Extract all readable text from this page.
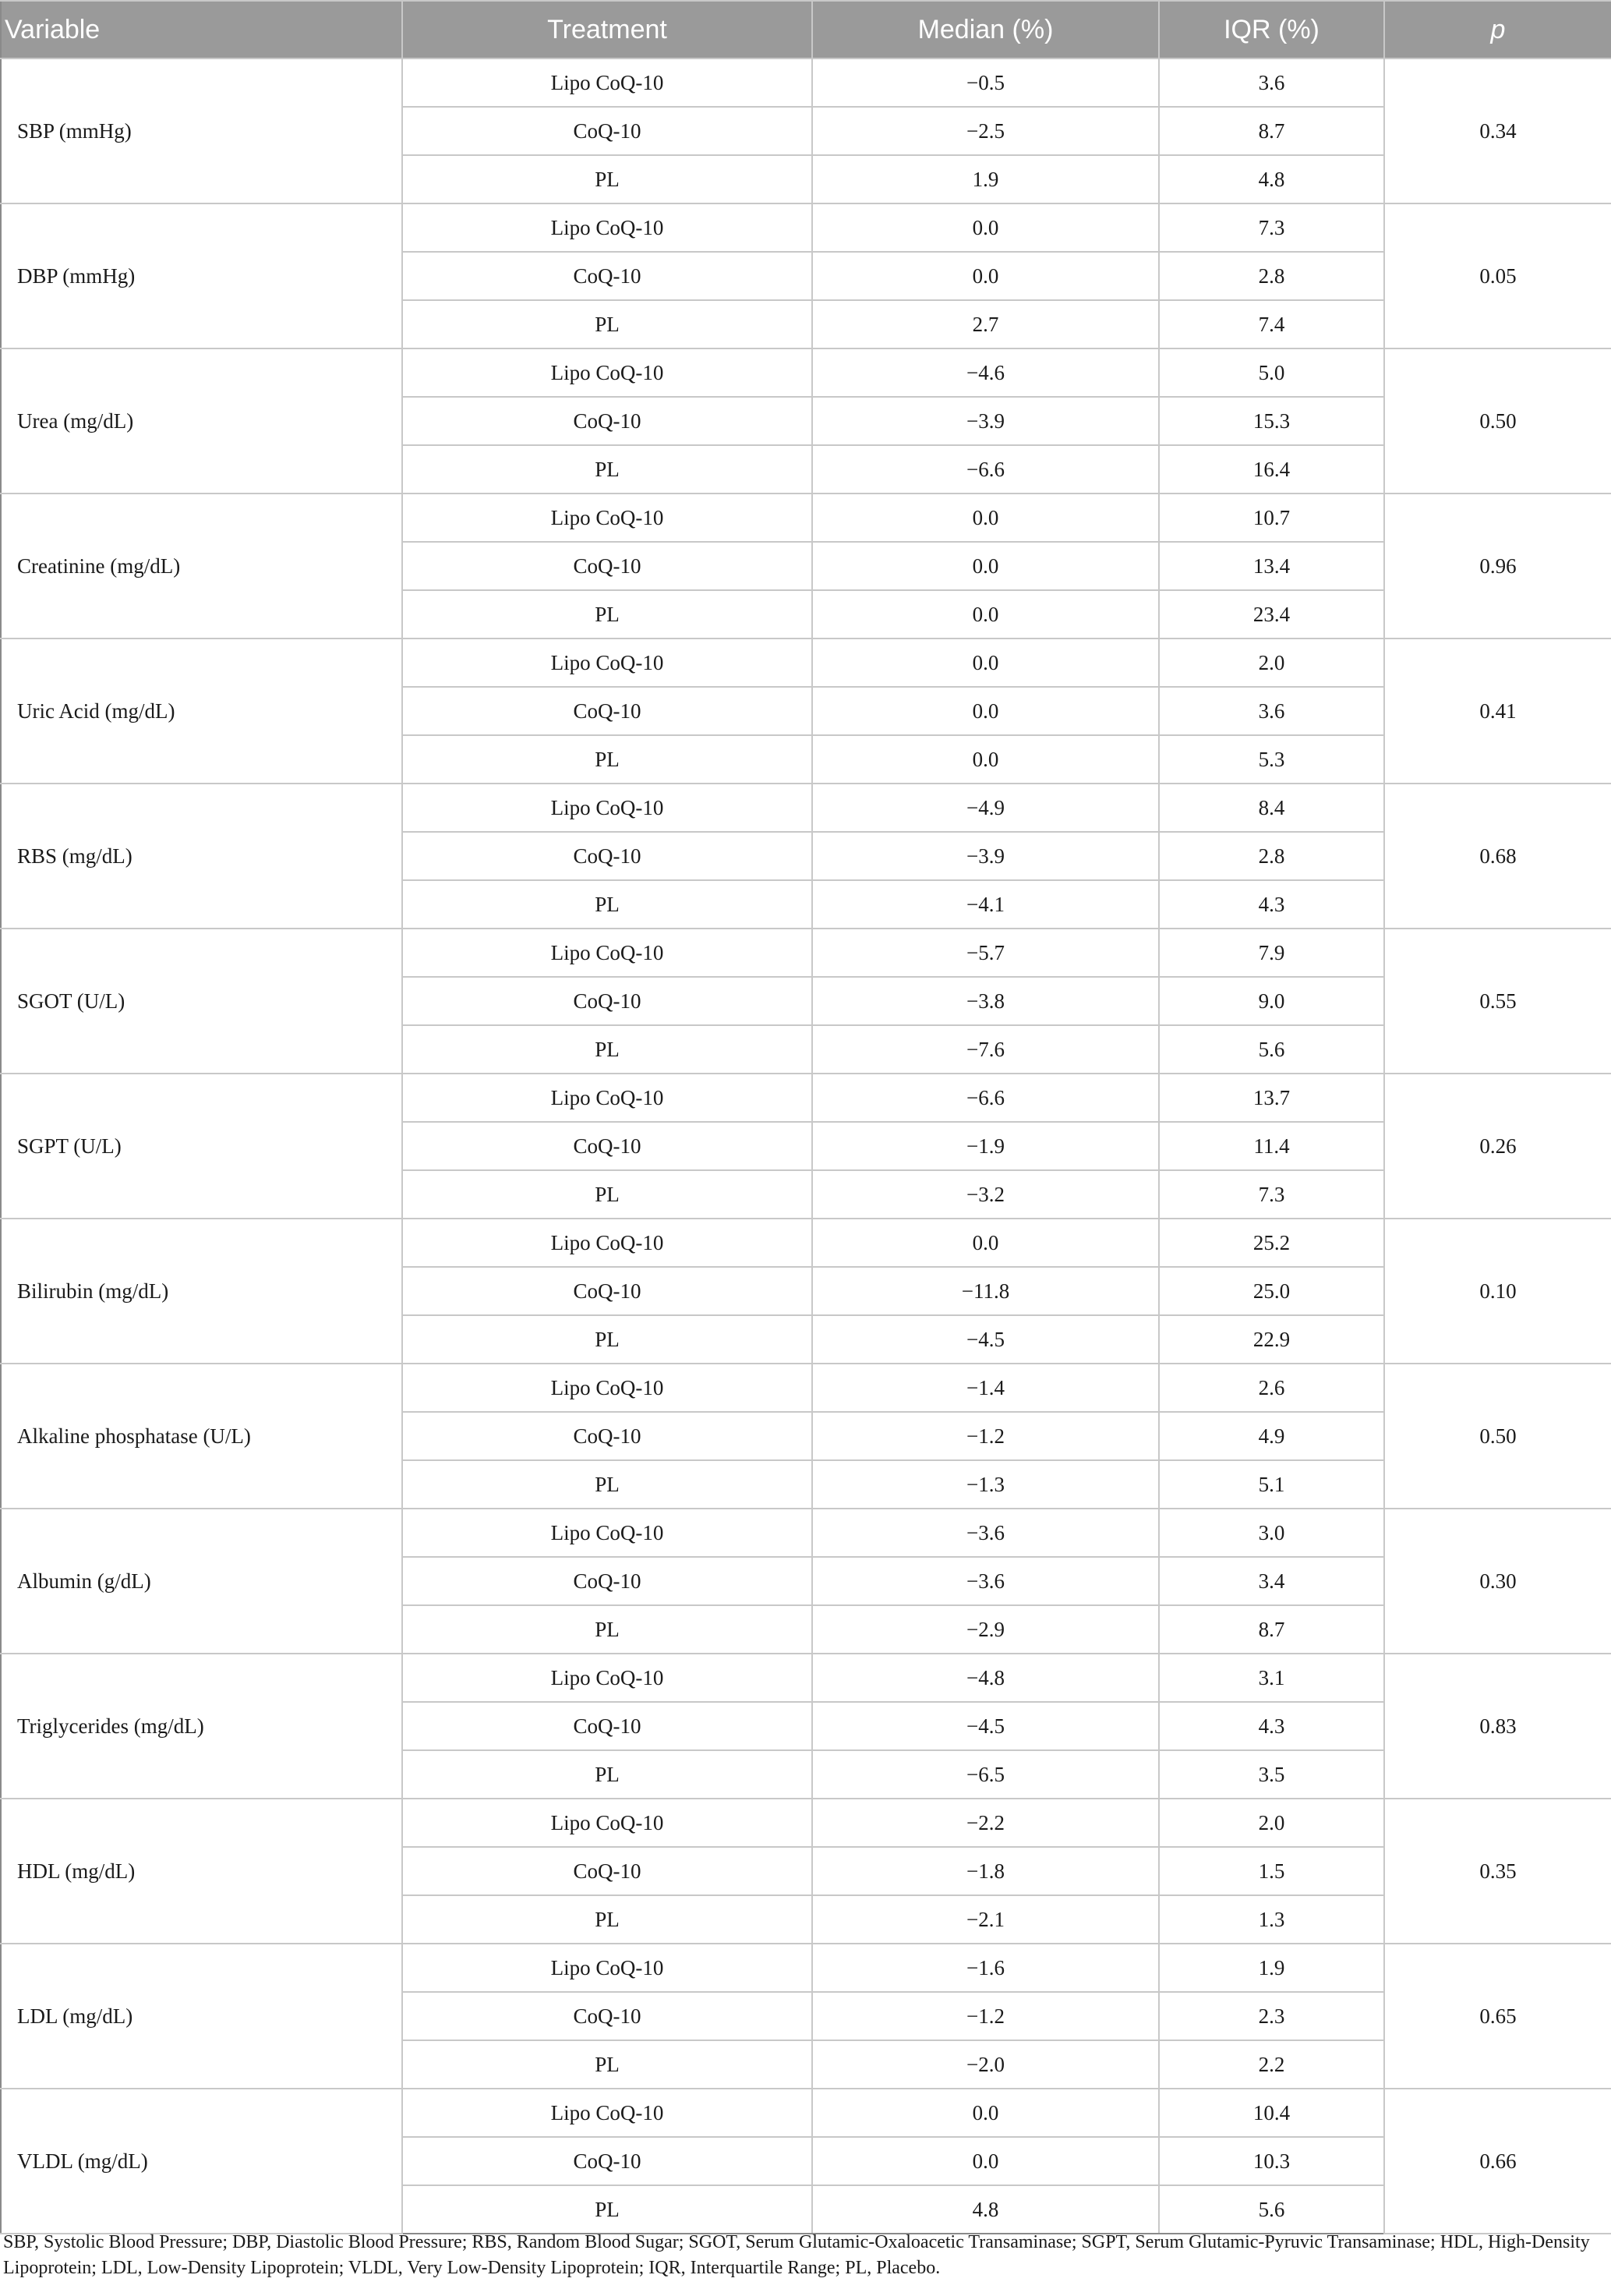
Variable	Treatment	Median (%)	IQR (%)	p
SBP (mmHg)	Lipo CoQ-10	−0.5	3.6	0.34
	CoQ-10	−2.5	8.7	
	PL	1.9	4.8	
DBP (mmHg)	Lipo CoQ-10	0.0	7.3	0.05
	CoQ-10	0.0	2.8	
	PL	2.7	7.4	
Urea (mg/dL)	Lipo CoQ-10	−4.6	5.0	0.50
	CoQ-10	−3.9	15.3	
	PL	−6.6	16.4	
Creatinine (mg/dL)	Lipo CoQ-10	0.0	10.7	0.96
	CoQ-10	0.0	13.4	
	PL	0.0	23.4	
Uric Acid (mg/dL)	Lipo CoQ-10	0.0	2.0	0.41
	CoQ-10	0.0	3.6	
	PL	0.0	5.3	
RBS (mg/dL)	Lipo CoQ-10	−4.9	8.4	0.68
	CoQ-10	−3.9	2.8	
	PL	−4.1	4.3	
SGOT (U/L)	Lipo CoQ-10	−5.7	7.9	0.55
	CoQ-10	−3.8	9.0	
	PL	−7.6	5.6	
SGPT (U/L)	Lipo CoQ-10	−6.6	13.7	0.26
	CoQ-10	−1.9	11.4	
	PL	−3.2	7.3	
Bilirubin (mg/dL)	Lipo CoQ-10	0.0	25.2	0.10
	CoQ-10	−11.8	25.0	
	PL	−4.5	22.9	
Alkaline phosphatase (U/L)	Lipo CoQ-10	−1.4	2.6	0.50
	CoQ-10	−1.2	4.9	
	PL	−1.3	5.1	
Albumin (g/dL)	Lipo CoQ-10	−3.6	3.0	0.30
	CoQ-10	−3.6	3.4	
	PL	−2.9	8.7	
Triglycerides (mg/dL)	Lipo CoQ-10	−4.8	3.1	0.83
	CoQ-10	−4.5	4.3	
	PL	−6.5	3.5	
HDL (mg/dL)	Lipo CoQ-10	−2.2	2.0	0.35
	CoQ-10	−1.8	1.5	
	PL	−2.1	1.3	
LDL (mg/dL)	Lipo CoQ-10	−1.6	1.9	0.65
	CoQ-10	−1.2	2.3	
	PL	−2.0	2.2	
VLDL (mg/dL)	Lipo CoQ-10	0.0	10.4	0.66
	CoQ-10	0.0	10.3	
	PL	4.8	5.6	
SBP, Systolic Blood Pressure; DBP, Diastolic Blood Pressure; RBS, Random Blood Sugar; SGOT, Serum Glutamic-Oxaloacetic Transaminase; SGPT, Serum Glutamic-Pyruvic Transaminase; HDL, High-Density Lipoprotein; LDL, Low-Density Lipoprotein; VLDL, Very Low-Density Lipoprotein; IQR, Interquartile Range; PL, Placebo.
